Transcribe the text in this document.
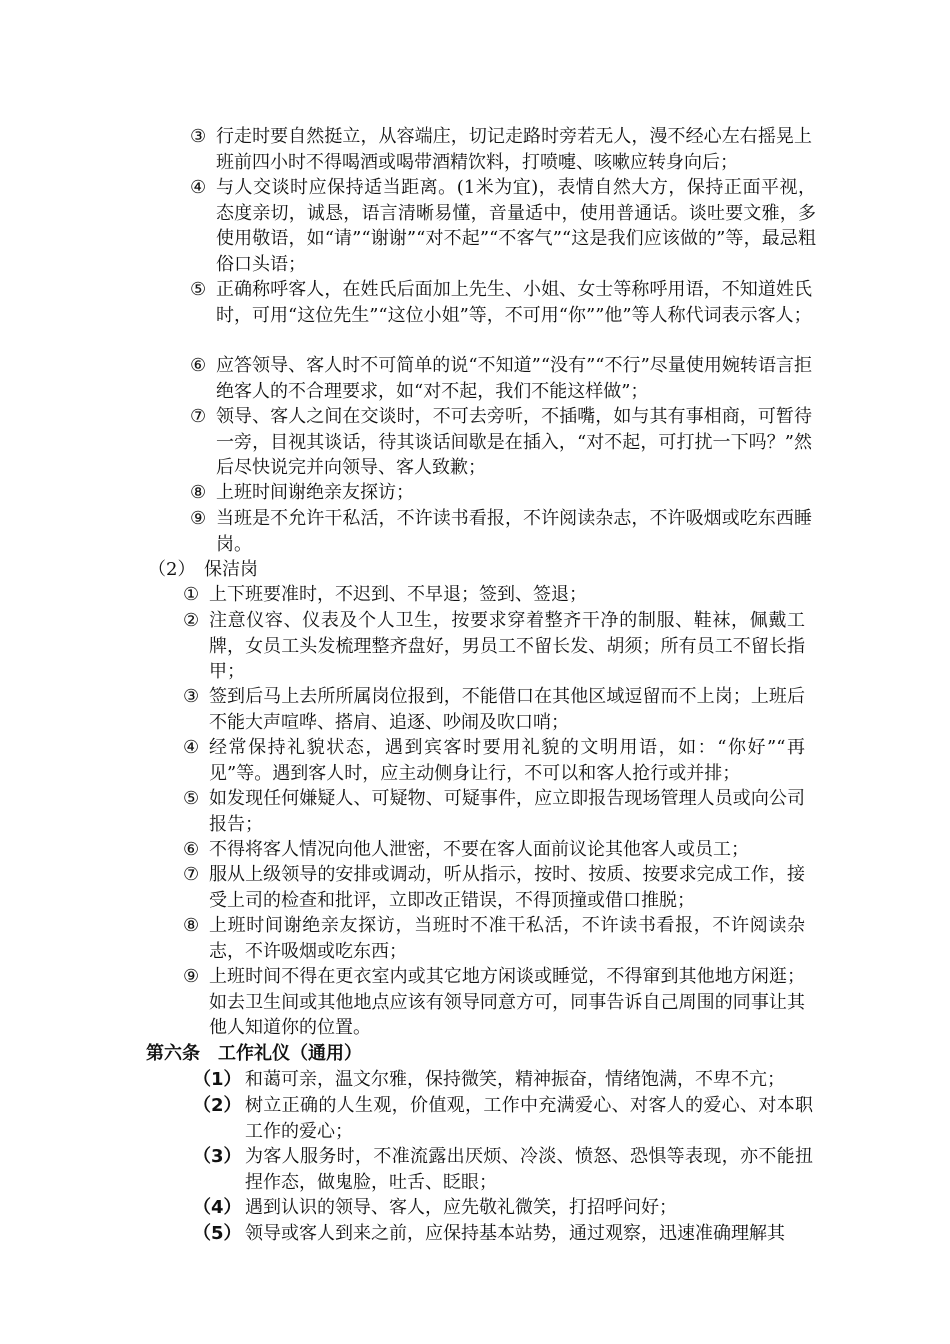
③ 行走时要自然挺立，从容端庄，切记走路时旁若无人，漫不经心左右摇晃上班前四小时不得喝酒或喝带酒精饮料，打喷嚏、咳嗽应转身向后；
④ 与人交谈时应保持适当距离。(1米为宜)，表情自然大方，保持正面平视，态度亲切，诚恳，语言清晰易懂，音量适中，使用普通话。谈吐要文雅，多使用敬语，如“请”“谢谢”“对不起”“不客气”“这是我们应该做的”等，最忌粗俗口头语；
⑤ 正确称呼客人，在姓氏后面加上先生、小姐、女士等称呼用语，不知道姓氏时，可用“这位先生”“这位小姐”等，不可用“你””他”等人称代词表示客人；
⑥ 应答领导、客人时不可简单的说“不知道”“没有”“不行”尽量使用婉转语言拒绝客人的不合理要求，如“对不起，我们不能这样做”；
⑦ 领导、客人之间在交谈时，不可去旁听，不插嘴，如与其有事相商，可暂待一旁，目视其谈话，待其谈话间歇是在插入，“对不起，可打扰一下吗？”然后尽快说完并向领导、客人致歉；
⑧ 上班时间谢绝亲友探访；
⑨ 当班是不允许干私活，不许读书看报，不许阅读杂志，不许吸烟或吃东西睡岗。
（2） 保洁岗
① 上下班要准时，不迟到、不早退；签到、签退；
② 注意仪容、仪表及个人卫生，按要求穿着整齐干净的制服、鞋袜，佩戴工牌，女员工头发梳理整齐盘好，男员工不留长发、胡须；所有员工不留长指甲；
③ 签到后马上去所所属岗位报到，不能借口在其他区域逗留而不上岗；上班后不能大声喧哗、搭肩、追逐、吵闹及吹口哨；
④ 经常保持礼貌状态，遇到宾客时要用礼貌的文明用语，如：“你好”“再见”等。遇到客人时，应主动侧身让行，不可以和客人抢行或并排；
⑤ 如发现任何嫌疑人、可疑物、可疑事件，应立即报告现场管理人员或向公司报告；
⑥ 不得将客人情况向他人泄密，不要在客人面前议论其他客人或员工；
⑦ 服从上级领导的安排或调动，听从指示，按时、按质、按要求完成工作，接受上司的检查和批评，立即改正错误，不得顶撞或借口推脱；
⑧ 上班时间谢绝亲友探访，当班时不准干私活，不许读书看报，不许阅读杂志，不许吸烟或吃东西；
⑨ 上班时间不得在更衣室内或其它地方闲谈或睡觉，不得窜到其他地方闲逛；如去卫生间或其他地点应该有领导同意方可，同事告诉自己周围的同事让其他人知道你的位置。
第六条　工作礼仪（通用）
（1） 和蔼可亲，温文尔雅，保持微笑，精神振奋，情绪饱满，不卑不亢；
（2） 树立正确的人生观，价值观，工作中充满爱心、对客人的爱心、对本职工作的爱心；
（3） 为客人服务时，不准流露出厌烦、冷淡、愤怒、恐惧等表现，亦不能扭捏作态，做鬼脸，吐舌、眨眼；
（4） 遇到认识的领导、客人，应先敬礼微笑，打招呼问好；
（5） 领导或客人到来之前，应保持基本站势，通过观察，迅速准确理解其
